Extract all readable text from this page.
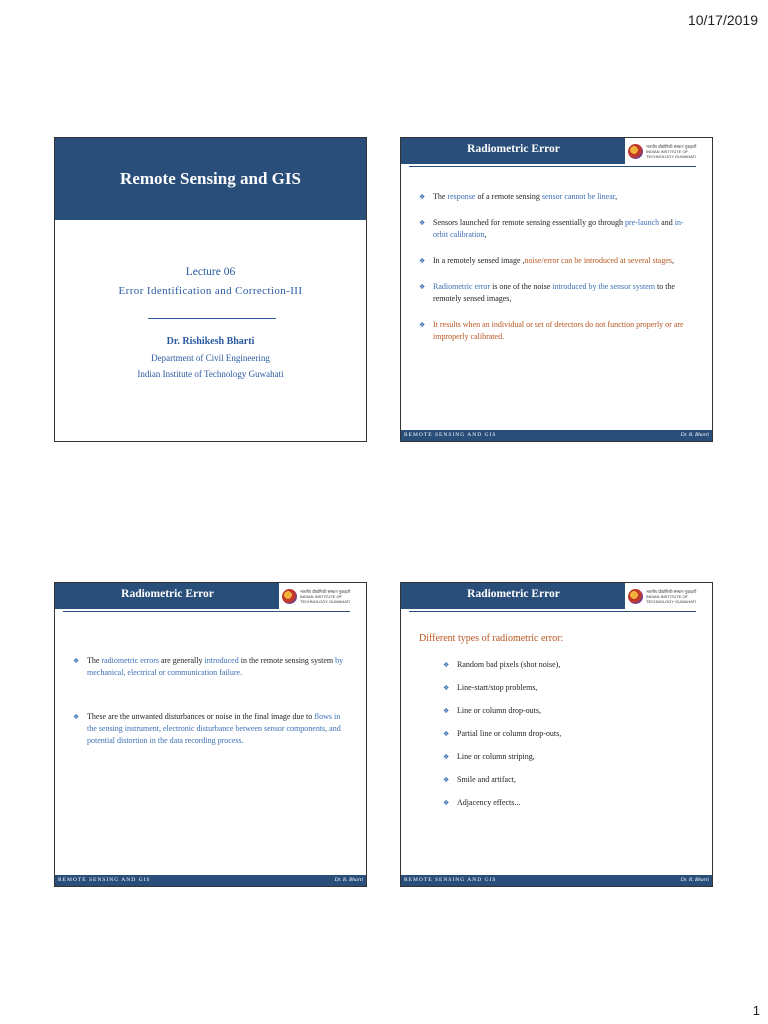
10/17/2019
Remote Sensing and GIS
Lecture 06
Error Identification and Correction-III
Dr. Rishikesh Bharti
Department of Civil Engineering
Indian Institute of Technology Guwahati
Radiometric Error	भारतीय प्रौद्योगिकी संस्थान गुवाहाटी
INDIAN INSTITUTE OF TECHNOLOGY GUWAHATI
❖ The response of a remote sensing sensor cannot be linear,
❖ Sensors launched for remote sensing essentially go through pre-launch and in-orbit calibration,
❖ In a remotely sensed image ,noise/error can be introduced at several stages,
❖ Radiometric error is one of the noise introduced by the sensor system to the remotely sensed images,
❖ It results when an individual or set of detectors do not function properly or are improperly calibrated.
REMOTE SENSING AND GIS	Dr. R. Bharti
Radiometric Error	भारतीय प्रौद्योगिकी संस्थान गुवाहाटी
INDIAN INSTITUTE OF TECHNOLOGY GUWAHATI
❖ The radiometric errors are generally introduced in the remote sensing system by mechanical, electrical or communication failure.
❖ These are the unwanted disturbances or noise in the final image due to flows in the sensing instrument, electronic disturbance between sensor components, and potential distortion in the data recording process.
REMOTE SENSING AND GIS	Dr. R. Bharti
Radiometric Error	भारतीय प्रौद्योगिकी संस्थान गुवाहाटी
INDIAN INSTITUTE OF TECHNOLOGY GUWAHATI
Different types of radiometric error:
❖ Random bad pixels (shot noise),
❖ Line-start/stop problems,
❖ Line or column drop-outs,
❖ Partial line or column drop-outs,
❖ Line or column striping,
❖ Smile and artifact,
❖ Adjacency effects...
REMOTE SENSING AND GIS	Dr. R. Bharti
1
